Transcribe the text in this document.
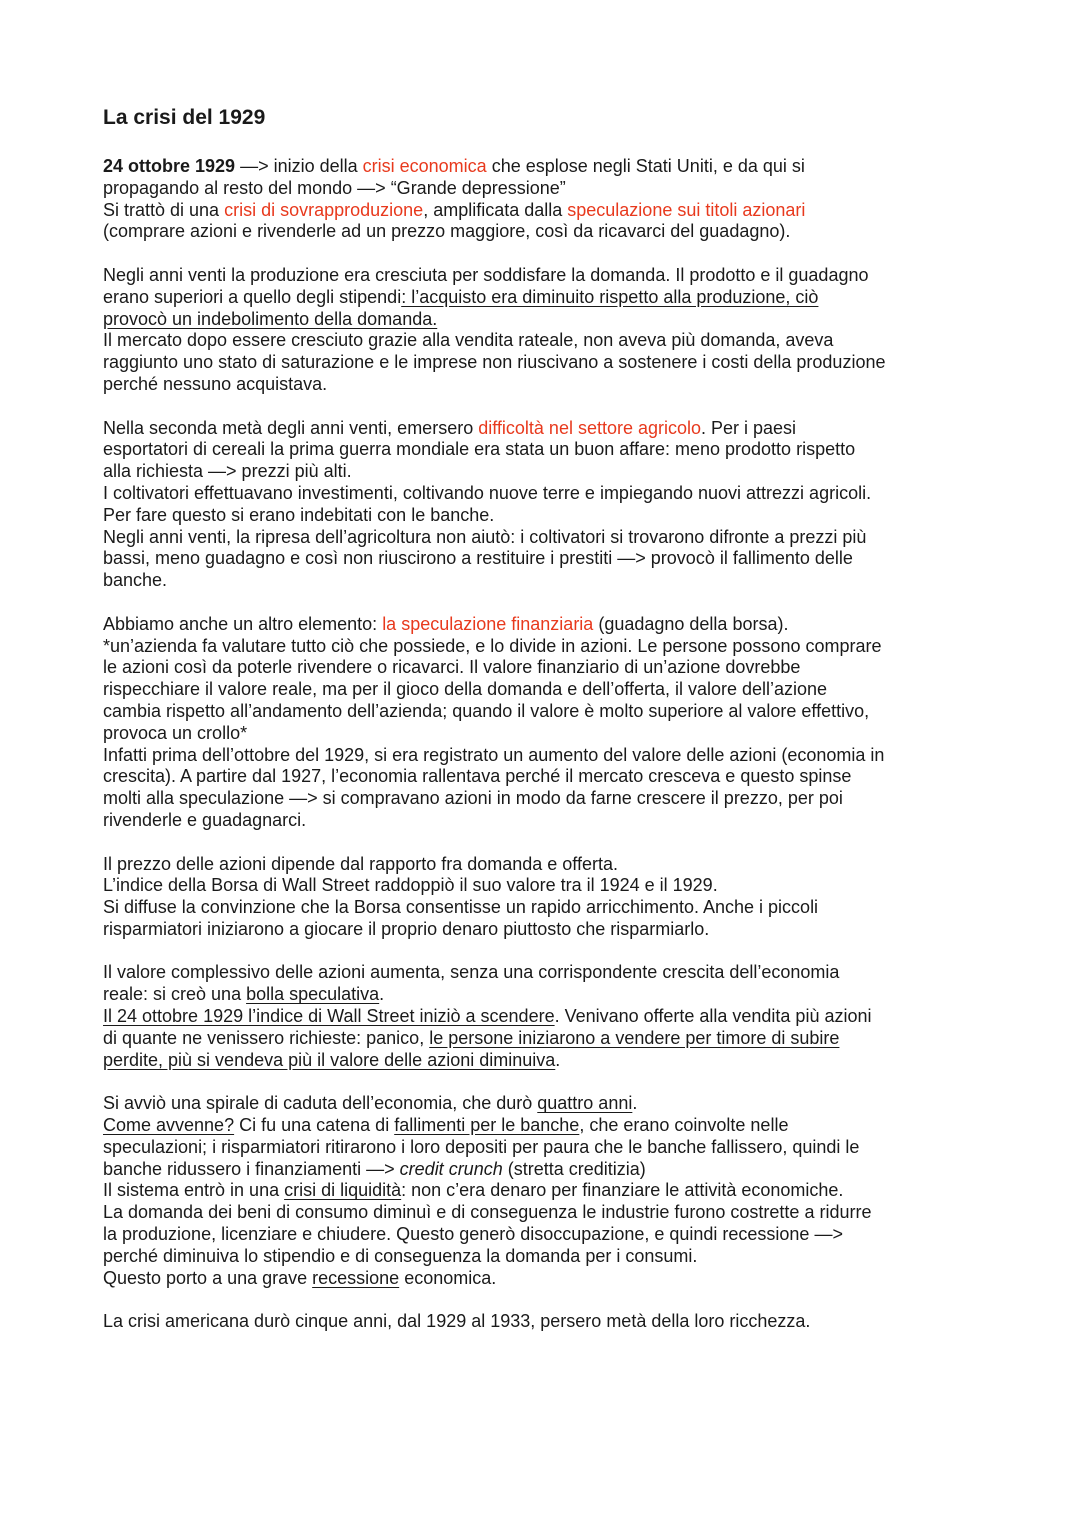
La crisi del 1929
24 ottobre 1929 —> inizio della crisi economica che esplose negli Stati Uniti, e da qui si
propagando al resto del mondo —> “Grande depressione”
Si trattò di una crisi di sovrapproduzione, amplificata dalla speculazione sui titoli azionari
(comprare azioni e rivenderle ad un prezzo maggiore, così da ricavarci del guadagno).
Negli anni venti la produzione era cresciuta per soddisfare la domanda. Il prodotto e il guadagno
erano superiori a quello degli stipendi: l’acquisto era diminuito rispetto alla produzione, ciò
provocò un indebolimento della domanda.
Il mercato dopo essere cresciuto grazie alla vendita rateale, non aveva più domanda, aveva
raggiunto uno stato di saturazione e le imprese non riuscivano a sostenere i costi della produzione
perché nessuno acquistava.
Nella seconda metà degli anni venti, emersero difficoltà nel settore agricolo. Per i paesi
esportatori di cereali la prima guerra mondiale era stata un buon affare: meno prodotto rispetto
alla richiesta —> prezzi più alti.
I coltivatori effettuavano investimenti, coltivando nuove terre e impiegando nuovi attrezzi agricoli.
Per fare questo si erano indebitati con le banche.
Negli anni venti, la ripresa dell’agricoltura non aiutò: i coltivatori si trovarono difronte a prezzi più
bassi, meno guadagno e così non riuscirono a restituire i prestiti —> provocò il fallimento delle
banche.
Abbiamo anche un altro elemento: la speculazione finanziaria (guadagno della borsa).
*un’azienda fa valutare tutto ciò che possiede, e lo divide in azioni. Le persone possono comprare
le azioni così da poterle rivendere o ricavarci. Il valore finanziario di un’azione dovrebbe
rispecchiare il valore reale, ma per il gioco della domanda e dell’offerta, il valore dell’azione
cambia rispetto all’andamento dell’azienda; quando il valore è molto superiore al valore effettivo,
provoca un crollo*
Infatti prima dell’ottobre del 1929, si era registrato un aumento del valore delle azioni (economia in
crescita). A partire dal 1927, l’economia rallentava perché il mercato cresceva e questo spinse
molti alla speculazione —> si compravano azioni in modo da farne crescere il prezzo, per poi
rivenderle e guadagnarci.
Il prezzo delle azioni dipende dal rapporto fra domanda e offerta.
L’indice della Borsa di Wall Street raddoppiò il suo valore tra il 1924 e il 1929.
Si diffuse la convinzione che la Borsa consentisse un rapido arricchimento. Anche i piccoli
risparmiatori iniziarono a giocare il proprio denaro piuttosto che risparmiarlo.
Il valore complessivo delle azioni aumenta, senza una corrispondente crescita dell’economia
reale: si creò una bolla speculativa.
Il 24 ottobre 1929 l’indice di Wall Street iniziò a scendere. Venivano offerte alla vendita più azioni
di quante ne venissero richieste: panico, le persone iniziarono a vendere per timore di subire
perdite, più si vendeva più il valore delle azioni diminuiva.
Si avviò una spirale di caduta dell’economia, che durò quattro anni.
Come avvenne? Ci fu una catena di fallimenti per le banche, che erano coinvolte nelle
speculazioni; i risparmiatori ritirarono i loro depositi per paura che le banche fallissero, quindi le
banche ridussero i finanziamenti —> credit crunch (stretta creditizia)
Il sistema entrò in una crisi di liquidità: non c’era denaro per finanziare le attività economiche.
La domanda dei beni di consumo diminuì e di conseguenza le industrie furono costrette a ridurre
la produzione, licenziare e chiudere. Questo generò disoccupazione, e quindi recessione —>
perché diminuiva lo stipendio e di conseguenza la domanda per i consumi.
Questo porto a una grave recessione economica.
La crisi americana durò cinque anni, dal 1929 al 1933, persero metà della loro ricchezza.
